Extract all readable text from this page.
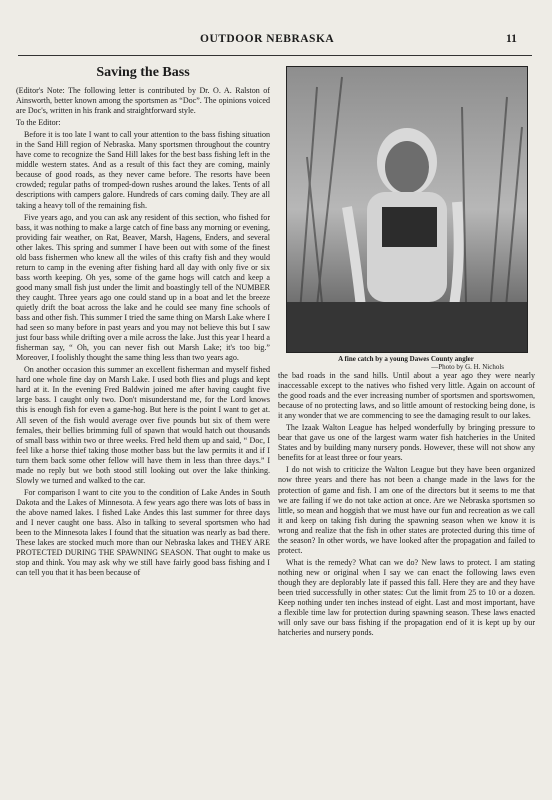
OUTDOOR NEBRASKA	11
Saving the Bass

(Editor's Note: The following letter is contributed by Dr. O. A. Ralston of Ainsworth, better known among the sportsmen as “Doc”. The opinions voiced are Doc's, written in his frank and straightforward style.

To the Editor:

Before it is too late I want to call your attention to the bass fishing situation in the Sand Hill region of Nebraska. Many sportsmen throughout the country have come to recognize the Sand Hill lakes for the best bass fishing left in the middle western states. And as a result of this fact they are coming, mainly because of good roads, as they never came before. The resorts have been crowded; regular paths of tromped-down rushes around the lakes. Tents of all descriptions with campers galore. Hundreds of cars coming daily. They are all taking a heavy toll of the remaining fish.

Five years ago, and you can ask any resident of this section, who fished for bass, it was nothing to make a large catch of fine bass any morning or evening, providing fair weather, on Rat, Beaver, Marsh, Hagens, Enders, and several other lakes. This spring and summer I have been out with some of the finest old bass fishermen who knew all the wiles of this crafty fish and they would return to camp in the evening after fishing hard all day with only five or six bass worth keeping. Oh yes, some of the game hogs will catch and keep a good many small fish just under the limit and boastingly tell of the NUMBER they caught. Three years ago one could stand up in a boat and let the breeze quietly drift the boat across the lake and he could see many fine schools of bass and other fish. This summer I tried the same thing on Marsh Lake where I had seen so many before in past years and you may not believe this but I saw just four bass while drifting over a mile across the lake. Just this year I heard a fisherman say, “ Oh, you can never fish out Marsh Lake; it's too big.” Moreover, I foolishly thought the same thing less than two years ago.

On another occasion this summer an excellent fisherman and myself fished hard one whole fine day on Marsh Lake. I used both flies and plugs and kept hard at it. In the evening Fred Baldwin joined me after having caught five large bass. I caught only two. Don't misunderstand me, for the Lord knows this is enough fish for even a game-hog. But here is the point I want to get at. All seven of the fish would average over five pounds but six of them were females, their bellies brimming full of spawn that would hatch out thousands of small bass within two or three weeks. Fred held them up and said, “ Doc, I feel like a horse thief taking those mother bass but the law permits it and if I turn them back some other fellow will have them in less than three days.” I made no reply but we both stood still looking out over the lake thinking. Slowly we turned and walked to the car.

For comparison I want to cite you to the condition of Lake Andes in South Dakota and the Lakes of Minnesota. A few years ago there was lots of bass in the above named lakes. I fished Lake Andes this last summer for three days and I never caught one bass. Also in talking to several sportsmen who had been to the Minnesota lakes I found that the situation was nearly as bad there. These lakes are stocked much more than our Nebraska lakes and THEY ARE PROTECTED DURING THE SPAWNING SEASON. That ought to make us stop and think. You may ask why we still have fairly good bass fishing and I can tell you that it has been because of

A fine catch by a young Dawes County angler
—Photo by G. H. Nichols

the bad roads in the sand hills. Until about a year ago they were nearly inaccessable except to the natives who fished very little. Again on account of the good roads and the ever increasing number of sportsmen and sportswomen, because of no protecting laws, and so little amount of restocking being done, is it any wonder that we are commencing to see the damaging result to our lakes.

The Izaak Walton League has helped wonderfully by bringing pressure to bear that gave us one of the largest warm water fish hatcheries in the United States and by building many nursery ponds. However, these will not show any benefits for at least three or four years.

I do not wish to criticize the Walton League but they have been organized now three years and there has not been a change made in the laws for the protection of game and fish. I am one of the directors but it seems to me that we are failing if we do not take action at once. Are we Nebraska sportsmen so little, so mean and hoggish that we must have our fun and recreation as we call it and keep on taking fish during the spawning season when we know it is wrong and realize that the fish in other states are protected during this time of the season? In other words, we have looked after the propagation and failed to protect.

What is the remedy? What can we do? New laws to protect. I am stating nothing new or original when I say we can enact the following laws even though they are deplorably late if passed this fall. Here they are and they have been tried successfully in other states: Cut the limit from 25 to 10 or a dozen. Keep nothing under ten inches instead of eight. Last and most important, have a flexible time law for protection during spawning season. These laws enacted will only save our bass fishing if the propagation end of it is kept up by our hatcheries and nursery ponds.
